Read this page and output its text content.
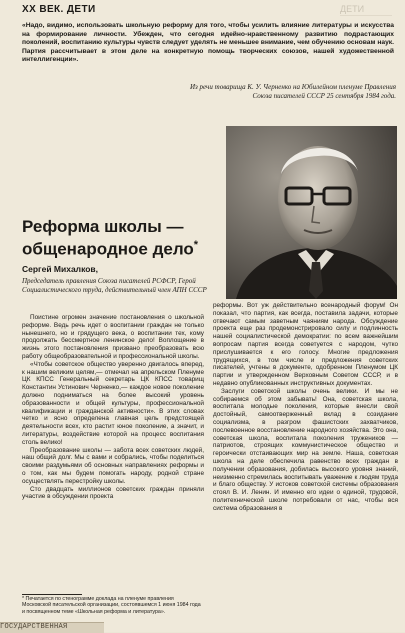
XX ВЕК. ДЕТИ	ДЕТИ
«Надо, видимо, использовать школьную реформу для того, чтобы усилить влияние литературы и искусства на формирование личности. Убежден, что сегодня идейно-нравственному развитию подрастающих поколений, воспитанию культуры чувств следует уделять не меньшее внимание, чем обучению основам наук. Партия рассчитывает в этом деле на конкретную помощь творческих союзов, нашей художественной интеллигенции».
Из речи товарища К. У. Черненко на Юбилейном пленуме Правления Союза писателей СССР 25 сентября 1984 года.
Реформа школы — общенародное дело*
Сергей Михалков,
Председатель правления Союза писателей РСФСР, Герой Социалистического труда, действительный член АПН СССР

Поистине огромен значение постановления о школьной реформе. Ведь речь идет о воспитании граждан не только нынешнего, но и грядущего века, о воспитании тех, кому продолжать бессмертное ленинское дело! Воплощение в жизнь этого постановления призвано преобразовать всю работу общеобразовательной и профессиональной школы.

«Чтобы советское общество уверенно двигалось вперед, к нашим великим целям,— отмечал на апрельском Пленуме ЦК КПСС Генеральный секретарь ЦК КПСС товарищ Константин Устинович Черненко,— каждое новое поколение должно подниматься на более высокий уровень образованности и общей культуры, профессиональной квалификации и гражданской активности». В этих словах четко и ясно определена главная цель предстоящей деятельности всех, кто растит юное поколение, а значит, и литературы, воздействие которой на процесс воспитания столь велико!

Преобразование школы — забота всех советских людей, наш общий долг. Мы с вами и собрались, чтобы поделиться своими раздумьями об основных направлениях реформы и о том, как мы будем помогать народу, родной стране осуществлять перестройку школы.

Сто двадцать миллионов советских граждан приняли участие в обсуждении проекта

реформы. Вот уж действительно всенародный форум! Он показал, что партия, как всегда, поставила задачи, которые отвечают самым заветным чаяниям народа. Обсуждение проекта еще раз продемонстрировало силу и подлинность нашей социалистической демократии: по всем важнейшим вопросам партия всегда советуется с народом, чутко прислушивается к его голосу. Многие предложения трудящихся, в том числе и предложения советских писателей, учтены в документе, одобренном Пленумом ЦК партии и утвержденном Верховным Советом СССР, и в недавно опубликованных инструктивных документах.

Заслуги советской школы очень велики. И мы не собираемся об этом забывать! Она, советская школа, воспитала молодые поколения, которые внесли свой достойный, самоотверженный вклад в созидание социализма, в разгром фашистских захватчиков, послевоенное восстановление народного хозяйства. Это она, советская школа, воспитала поколения тружеников — патриотов, строящих коммунистическое общество и героически отстаивающих мир на земле. Наша, советская школа на деле обеспечила равенство всех граждан в получении образования, добилась высокого уровня знаний, неизменно стремилась воспитывать уважение к людям труда и благо обществу. У истоков советской системы образования стоял В. И. Ленин. И именно его идеи о единой, трудовой, политехнической школе потребовали от нас, чтобы вся система образования в

* Печатается по стенограмме доклада на пленуме правления Московской писательской организации, состоявшемся 1 июня 1984 года и посвященном теме «Школьная реформа и литература».
ГОСУДАРСТВЕННАЯ
